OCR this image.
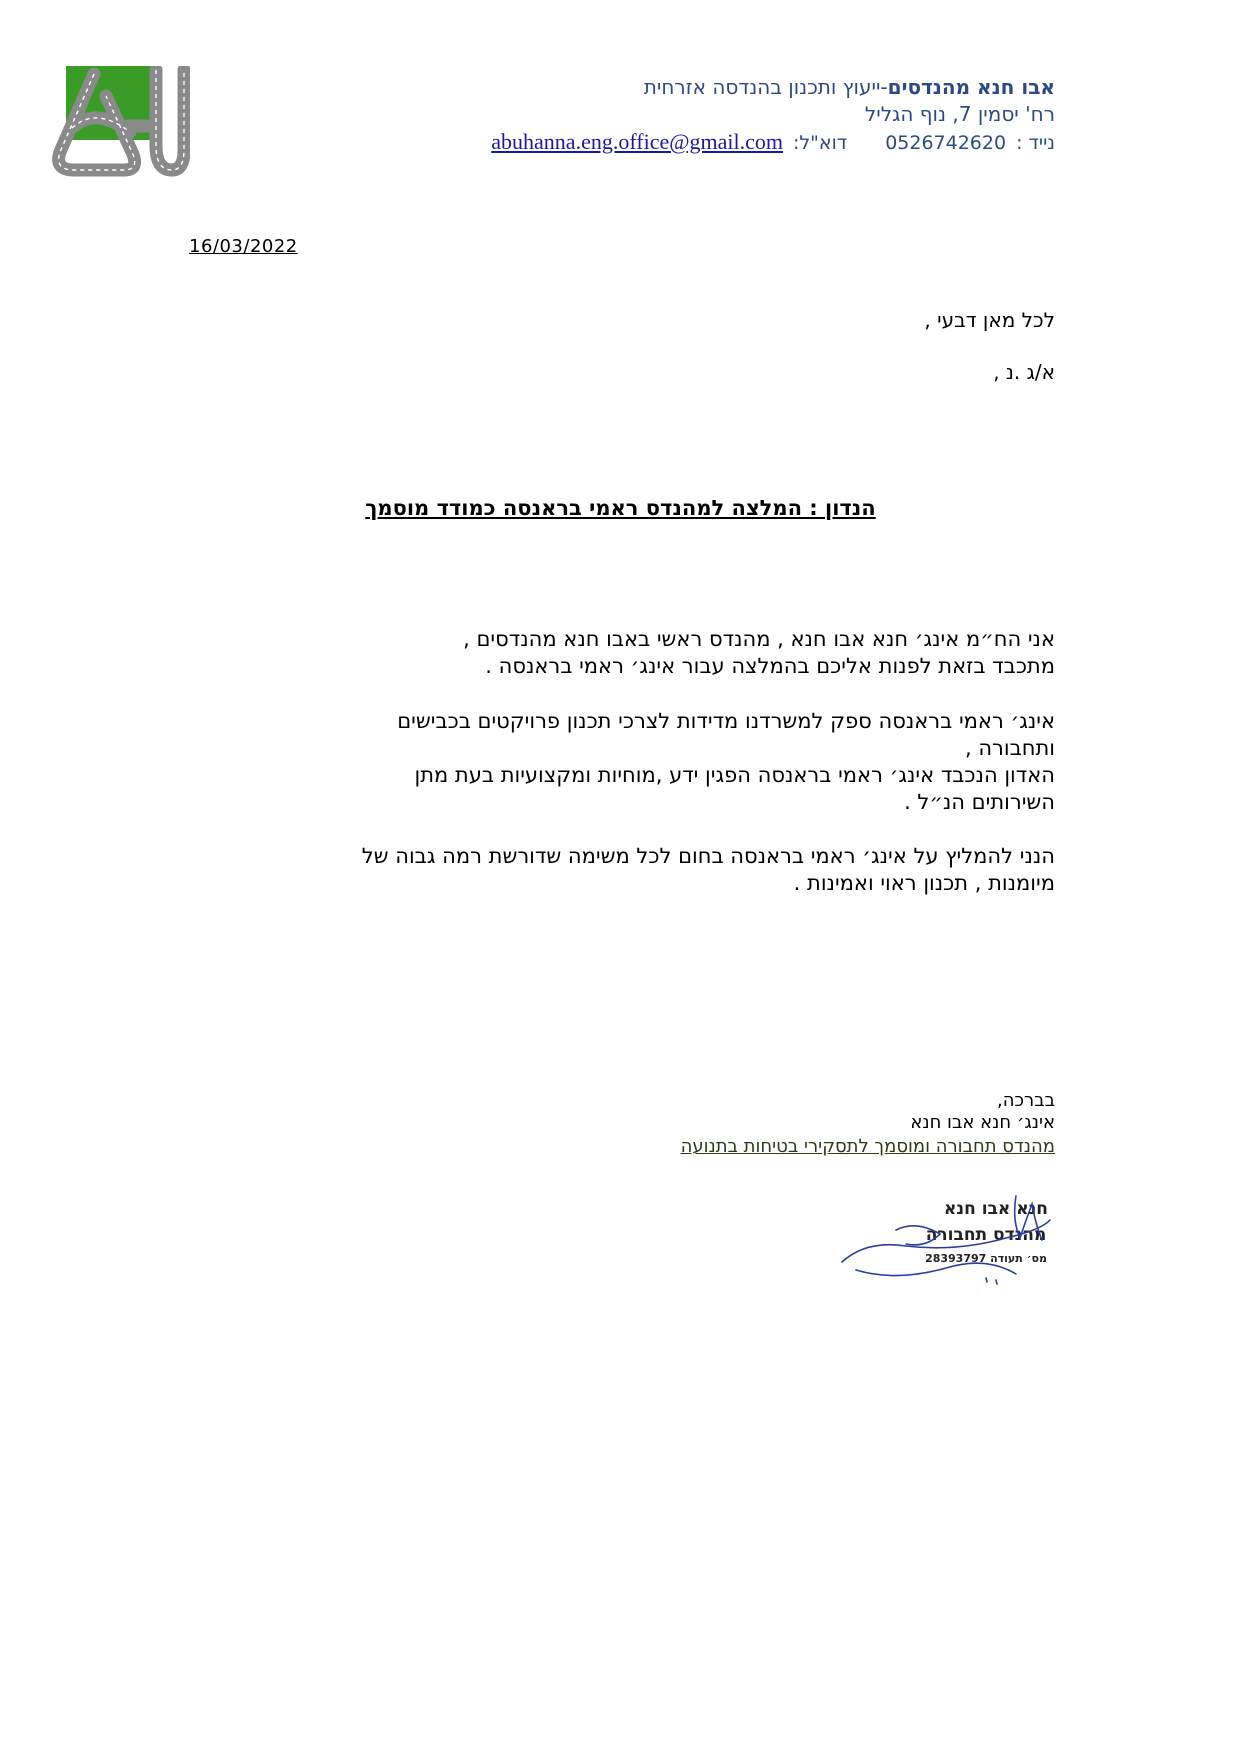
אבו חנא מהנדסים-ייעוץ ותכנון בהנדסה אזרחית
רח' יסמין 7, נוף הגליל
נייד :0526742620דוא"ל:abuhanna.eng.office@gmail.com
16/03/2022
לכל מאן דבעי ,
א/ג .נ ,
הנדון : המלצה למהנדס ראמי בראנסה כמודד מוסמך

אני הח״מ אינג׳ חנא אבו חנא , מהנדס ראשי באבו חנא מהנדסים ,

מתכבד בזאת לפנות אליכם בהמלצה עבור אינג׳ ראמי בראנסה .

אינג׳ ראמי בראנסה ספק למשרדנו מדידות לצרכי תכנון פרויקטים בכבישים

ותחבורה ,

האדון הנכבד אינג׳ ראמי בראנסה הפגין ידע ,מוחיות ומקצועיות בעת מתן

השירותים הנ״ל .

הנני להמליץ על אינג׳ ראמי בראנסה בחום לכל משימה שדורשת רמה גבוה של

מיומנות , תכנון ראוי ואמינות .

בברכה,
אינג׳ חנא אבו חנא
מהנדס תחבורה ומוסמך לתסקירי בטיחות בתנועה
חנא אבו חנא
מהנדס תחבורה
28393797 מס׳ תעודה
